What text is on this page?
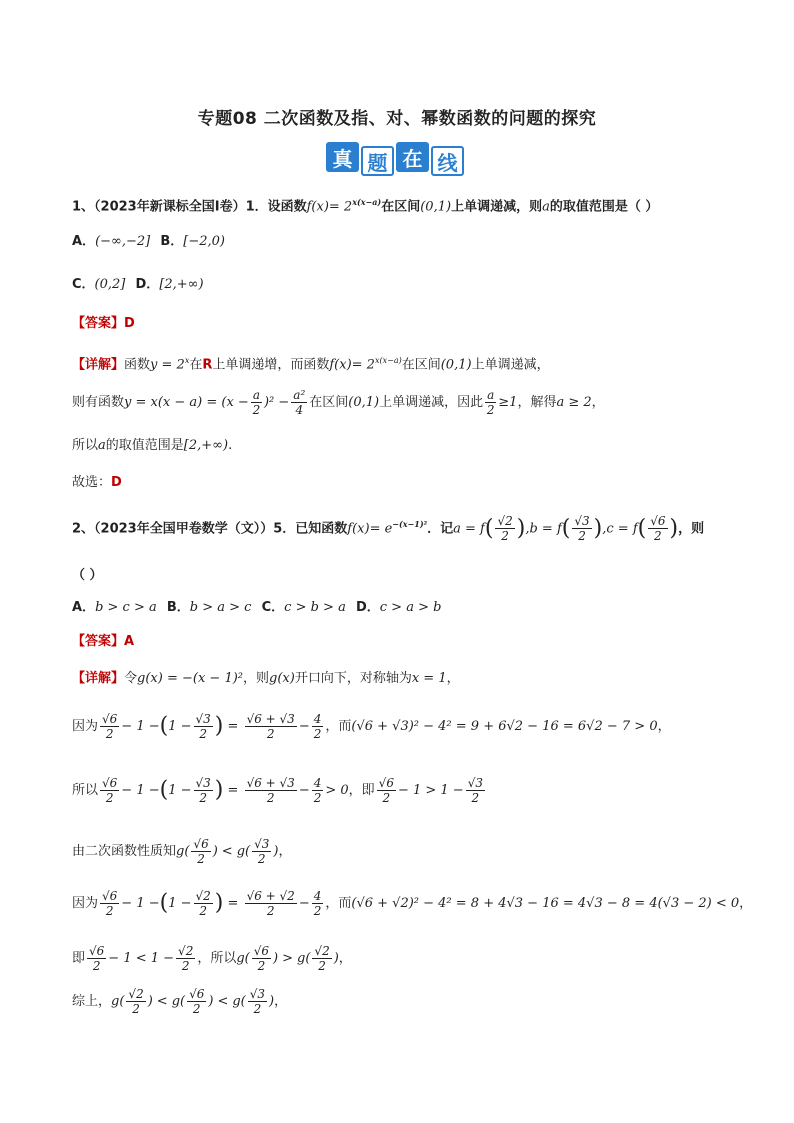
专题08 二次函数及指、对、幂数函数的问题的探究
真 题 在 线
1、（2023年新课标全国Ⅰ卷）1．设函数$f(x)= 2^{x(x-a)}$在区间(0,1)上单调递减，则a的取值范围是（ ）
A．(−∞,−2] B．[−2,0)
C．(0,2] D．[2,+∞)
【答案】D
【详解】函数$y = 2^x$在R上单调递增，而函数$f(x)= 2^{x(x-a)}$在区间(0,1)上单调递减，
则有函数$y = x(x - a) = (x - \frac{a}{2} )^2 - \frac{\text{a²}}{4}$ 在区间(0,1)上单调递减，因此 $\frac{a}{2} \ge 1$，解得a ≥ 2，
所以a的取值范围是[2,+∞).
故选：D
2、（2023年全国甲卷数学（文））5．已知函数$f(x)= e^{-(x-1)^2}$．记$a = f( \frac{√2}{2} ),b = f( \frac{√3}{2} ),c = f( \frac{√6}{2}$ )，则
（ ）
A．b > c > a B．b > a > c C．c > b > a D．c > a > b
【答案】A
【详解】令g(x) = −(x − 1)²，则g(x)开口向下，对称轴为x = 1，
因为 $\frac{√6}{2} - 1 -(1 - \frac{√3}{2}$ ) = $\frac{√6 + √3}{2} - \frac{4}{2}$ ，而(√6 + √3)² − 4² = 9 + 6√2 − 16 = 6√2 − 7 > 0，
所以 $\frac{√6}{2} - 1 -(1 - \frac{√3}{2}$ ) = $\frac{√6 + √3}{2} - \frac{4}{2} > 0$，即 $\frac{√6}{2} - 1 > 1 - \frac{√3}{2}$
由二次函数性质知$g( \frac{√6}{2}$ ) < $g( \frac{√3}{2}$ )，
因为 $\frac{√6}{2} - 1 -(1 - \frac{√2}{2}$ ) = $\frac{√6 + √2}{2} - \frac{4}{2}$ ，而(√6 + √2)² − 4² = 8 + 4√3 − 16 = 4√3 − 8 = 4(√3 − 2) < 0，
即 $\frac{√6}{2} - 1 < 1 - \frac{√2}{2}$ ，所以$g( \frac{√6}{2}$ ) > $g( \frac{√2}{2}$ )，
综上，$g( \frac{√2}{2}$ ) < $g( \frac{√6}{2}$ ) < $g( \frac{√3}{2}$ )，
